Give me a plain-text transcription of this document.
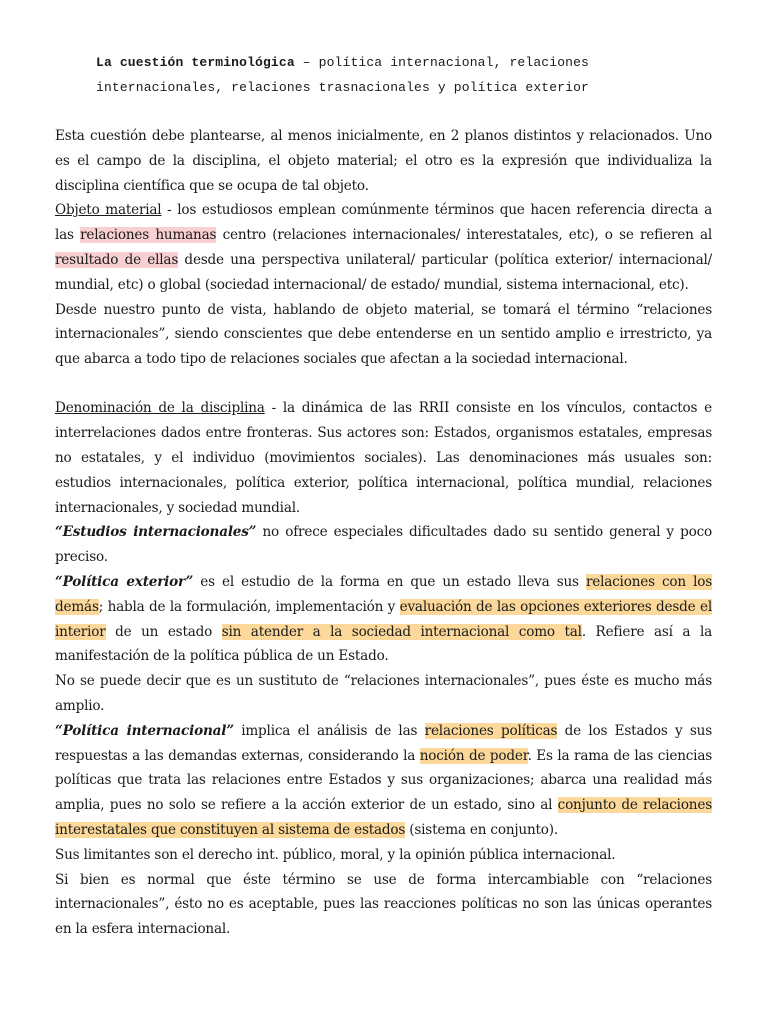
La cuestión terminológica – política internacional, relaciones
internacionales, relaciones trasnacionales y política exterior

Esta cuestión debe plantearse, al menos inicialmente, en 2 planos distintos y relacionados. Uno es el campo de la disciplina, el objeto material; el otro es la expresión que individualiza la disciplina científica que se ocupa de tal objeto.

Objeto material - los estudiosos emplean comúnmente términos que hacen referencia directa a las relaciones humanas centro (relaciones internacionales/ interestatales, etc), o se refieren al resultado de ellas desde una perspectiva unilateral/ particular (política exterior/ internacional/ mundial, etc) o global (sociedad internacional/ de estado/ mundial, sistema internacional, etc).

Desde nuestro punto de vista, hablando de objeto material, se tomará el término “relaciones internacionales”, siendo conscientes que debe entenderse en un sentido amplio e irrestricto, ya que abarca a todo tipo de relaciones sociales que afectan a la sociedad internacional.

Denominación de la disciplina - la dinámica de las RRII consiste en los vínculos, contactos e interrelaciones dados entre fronteras. Sus actores son: Estados, organismos estatales, empresas no estatales, y el individuo (movimientos sociales). Las denominaciones más usuales son: estudios internacionales, política exterior, política internacional, política mundial, relaciones internacionales, y sociedad mundial.

“Estudios internacionales” no ofrece especiales dificultades dado su sentido general y poco preciso.

“Política exterior” es el estudio de la forma en que un estado lleva sus relaciones con los demás; habla de la formulación, implementación y evaluación de las opciones exteriores desde el interior de un estado sin atender a la sociedad internacional como tal. Refiere así a la manifestación de la política pública de un Estado.

No se puede decir que es un sustituto de “relaciones internacionales”, pues éste es mucho más amplio.

“Política internacional” implica el análisis de las relaciones políticas de los Estados y sus respuestas a las demandas externas, considerando la noción de poder. Es la rama de las ciencias políticas que trata las relaciones entre Estados y sus organizaciones; abarca una realidad más amplia, pues no solo se refiere a la acción exterior de un estado, sino al conjunto de relaciones interestatales que constituyen al sistema de estados (sistema en conjunto).

Sus limitantes son el derecho int. público, moral, y la opinión pública internacional.

Si bien es normal que éste término se use de forma intercambiable con “relaciones internacionales”, ésto no es aceptable, pues las reacciones políticas no son las únicas operantes en la esfera internacional.
